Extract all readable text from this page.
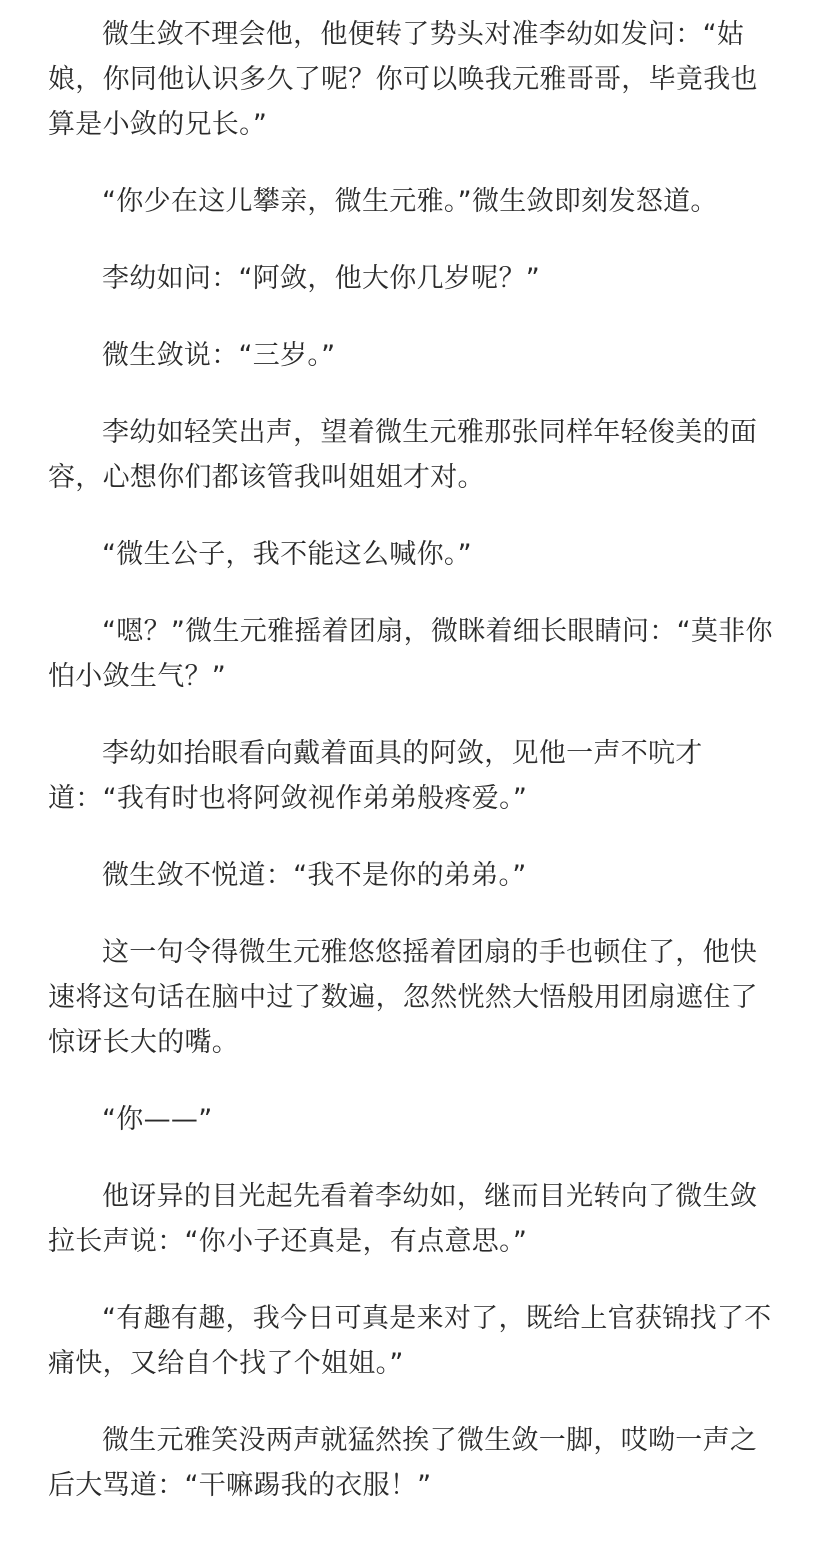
微生敛不理会他，他便转了势头对准李幼如发问：“姑娘，你同他认识多久了呢？你可以唤我元雅哥哥，毕竟我也算是小敛的兄长。”

“你少在这儿攀亲，微生元雅。”微生敛即刻发怒道。

李幼如问：“阿敛，他大你几岁呢？”

微生敛说：“三岁。”

李幼如轻笑出声，望着微生元雅那张同样年轻俊美的面容，心想你们都该管我叫姐姐才对。

“微生公子，我不能这么喊你。”

“嗯？”微生元雅摇着团扇，微眯着细长眼睛问：“莫非你怕小敛生气？”

李幼如抬眼看向戴着面具的阿敛，见他一声不吭才道：“我有时也将阿敛视作弟弟般疼爱。”

微生敛不悦道：“我不是你的弟弟。”

这一句令得微生元雅悠悠摇着团扇的手也顿住了，他快速将这句话在脑中过了数遍，忽然恍然大悟般用团扇遮住了惊讶长大的嘴。

“你——”

他讶异的目光起先看着李幼如，继而目光转向了微生敛拉长声说：“你小子还真是，有点意思。”

“有趣有趣，我今日可真是来对了，既给上官获锦找了不痛快，又给自个找了个姐姐。”

微生元雅笑没两声就猛然挨了微生敛一脚，哎呦一声之后大骂道：“干嘛踢我的衣服！”
